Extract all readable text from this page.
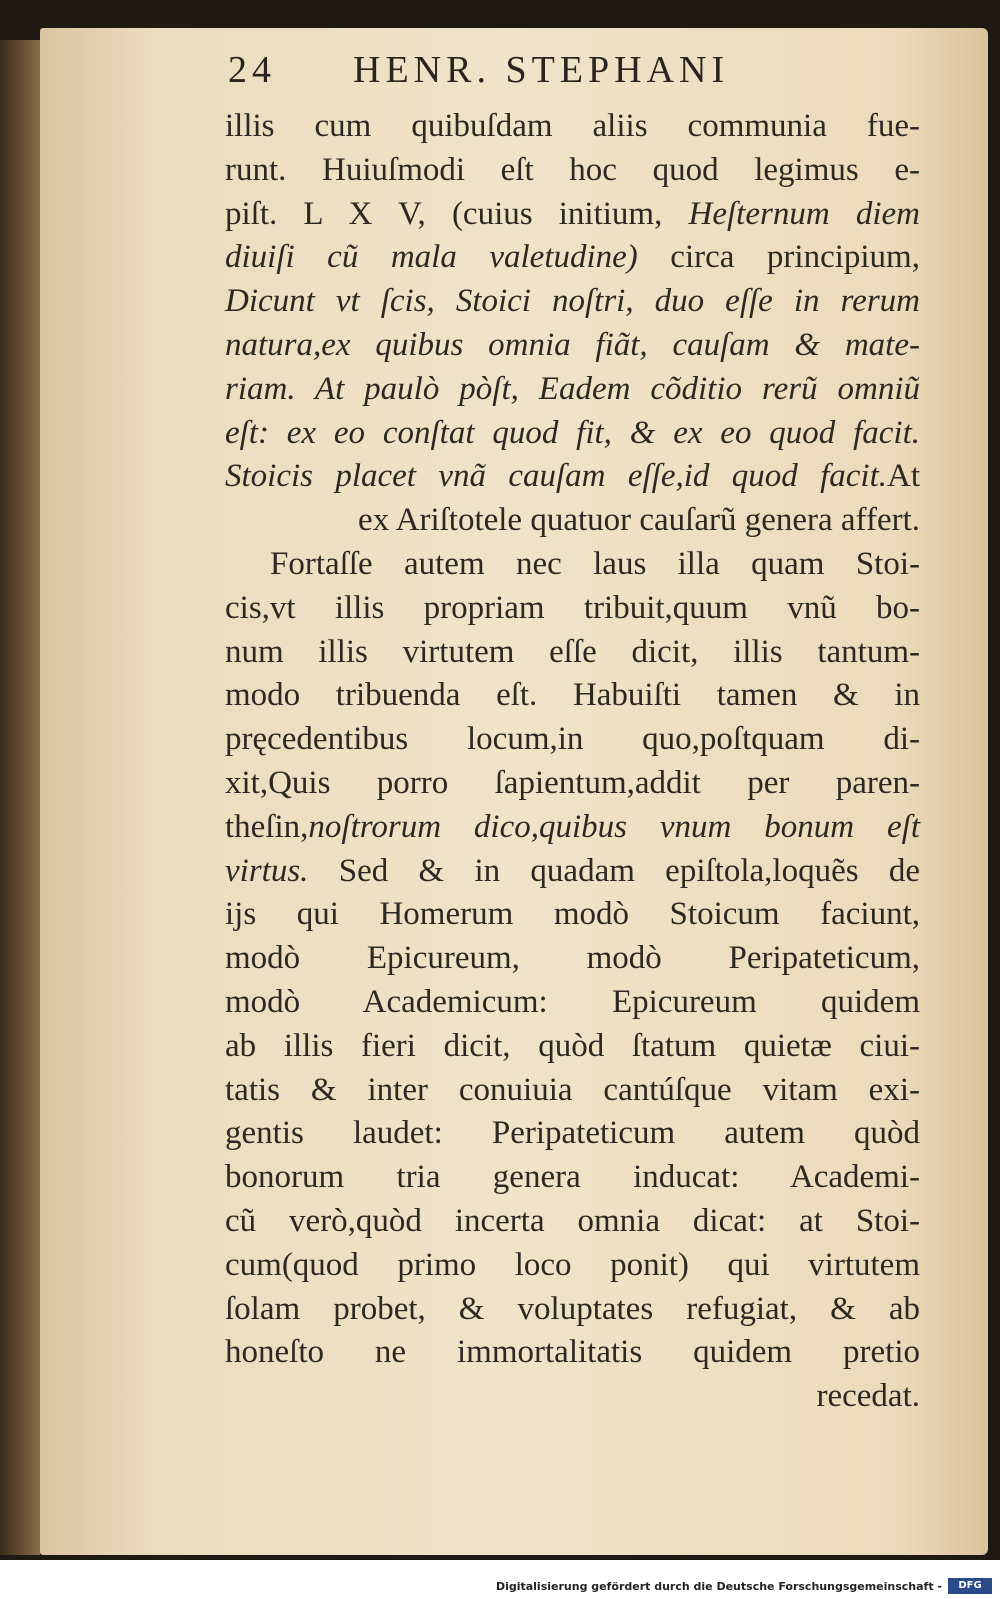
24 HENR. STEPHANI
illis cum quibuſdam aliis communia fue-
runt. Huiuſmodi eſt hoc quod legimus e-
piſt. L X V, (cuius initium, Heſternum diem
diuiſi cũ mala valetudine) circa principium,
Dicunt vt ſcis, Stoici noſtri, duo eſſe in rerum
natura,ex quibus omnia fiãt, cauſam & mate-
riam. At paulò pòſt, Eadem cõditio rerũ omniũ
eſt: ex eo conſtat quod fit, & ex eo quod facit.
Stoicis placet vnã cauſam eſſe,id quod facit.At
ex Ariſtotele quatuor cauſarũ genera affert.
Fortaſſe autem nec laus illa quam Stoi-
cis,vt illis propriam tribuit,quum vnũ bo-
num illis virtutem eſſe dicit, illis tantum-
modo tribuenda eſt. Habuiſti tamen & in
pręcedentibus locum,in quo,poſtquam di-
xit,Quis porro ſapientum,addit per paren-
theſin,noſtrorum dico,quibus vnum bonum eſt
virtus. Sed & in quadam epiſtola,loquẽs de
ijs qui Homerum modò Stoicum faciunt,
modò Epicureum, modò Peripateticum,
modò Academicum: Epicureum quidem
ab illis fieri dicit, quòd ſtatum quietæ ciui-
tatis & inter conuiuia cantúſque vitam exi-
gentis laudet: Peripateticum autem quòd
bonorum tria genera inducat: Academi-
cũ verò,quòd incerta omnia dicat: at Stoi-
cum(quod primo loco ponit) qui virtutem
ſolam probet, & voluptates refugiat, & ab
honeſto ne immortalitatis quidem pretio
recedat.
Digitalisierung gefördert durch die Deutsche Forschungsgemeinschaft -	DFG
